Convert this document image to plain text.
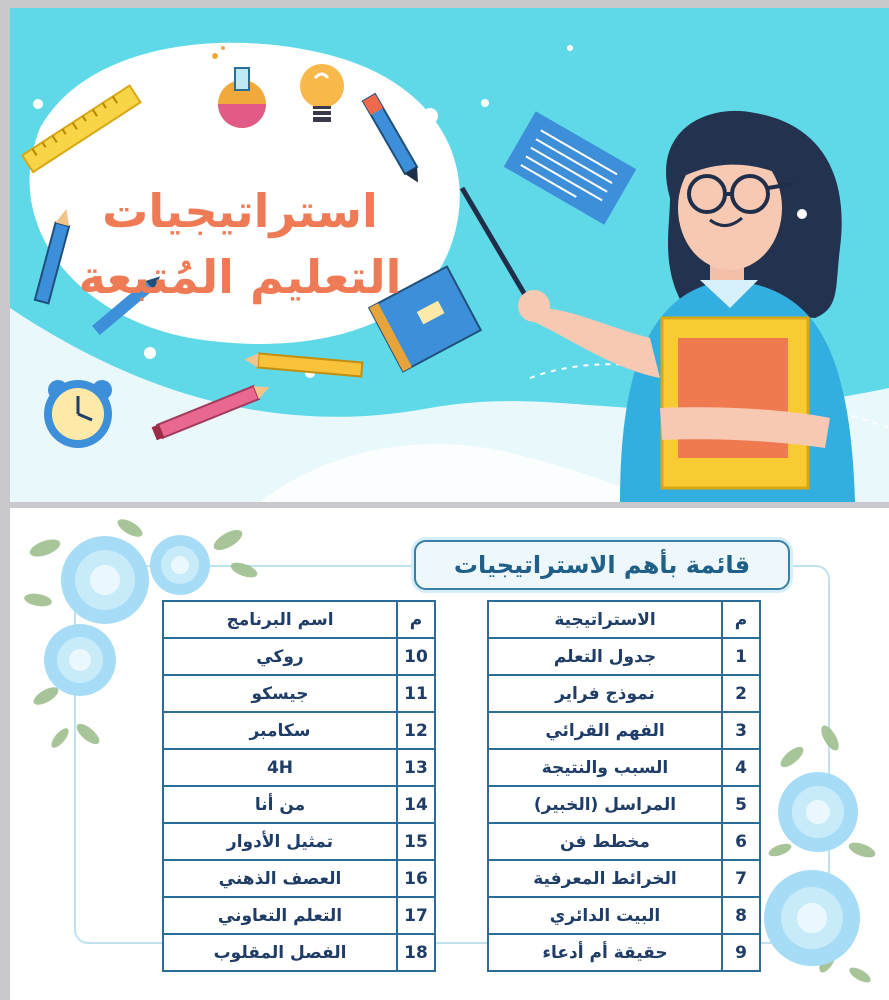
استراتيجيات
التعليم المُتبعة
قائمة بأهم الاستراتيجيات
م	الاستراتيجية
1	جدول التعلم
2	نموذج فراير
3	الفهم القرائي
4	السبب والنتيجة
5	المراسل (الخبير)
6	مخطط فن
7	الخرائط المعرفية
8	البيت الدائري
9	حقيقة أم أدعاء
م	اسم البرنامج
10	روكي
11	جيسكو
12	سكامبر
13	4H
14	من أنا
15	تمثيل الأدوار
16	العصف الذهني
17	التعلم التعاوني
18	الفصل المقلوب
